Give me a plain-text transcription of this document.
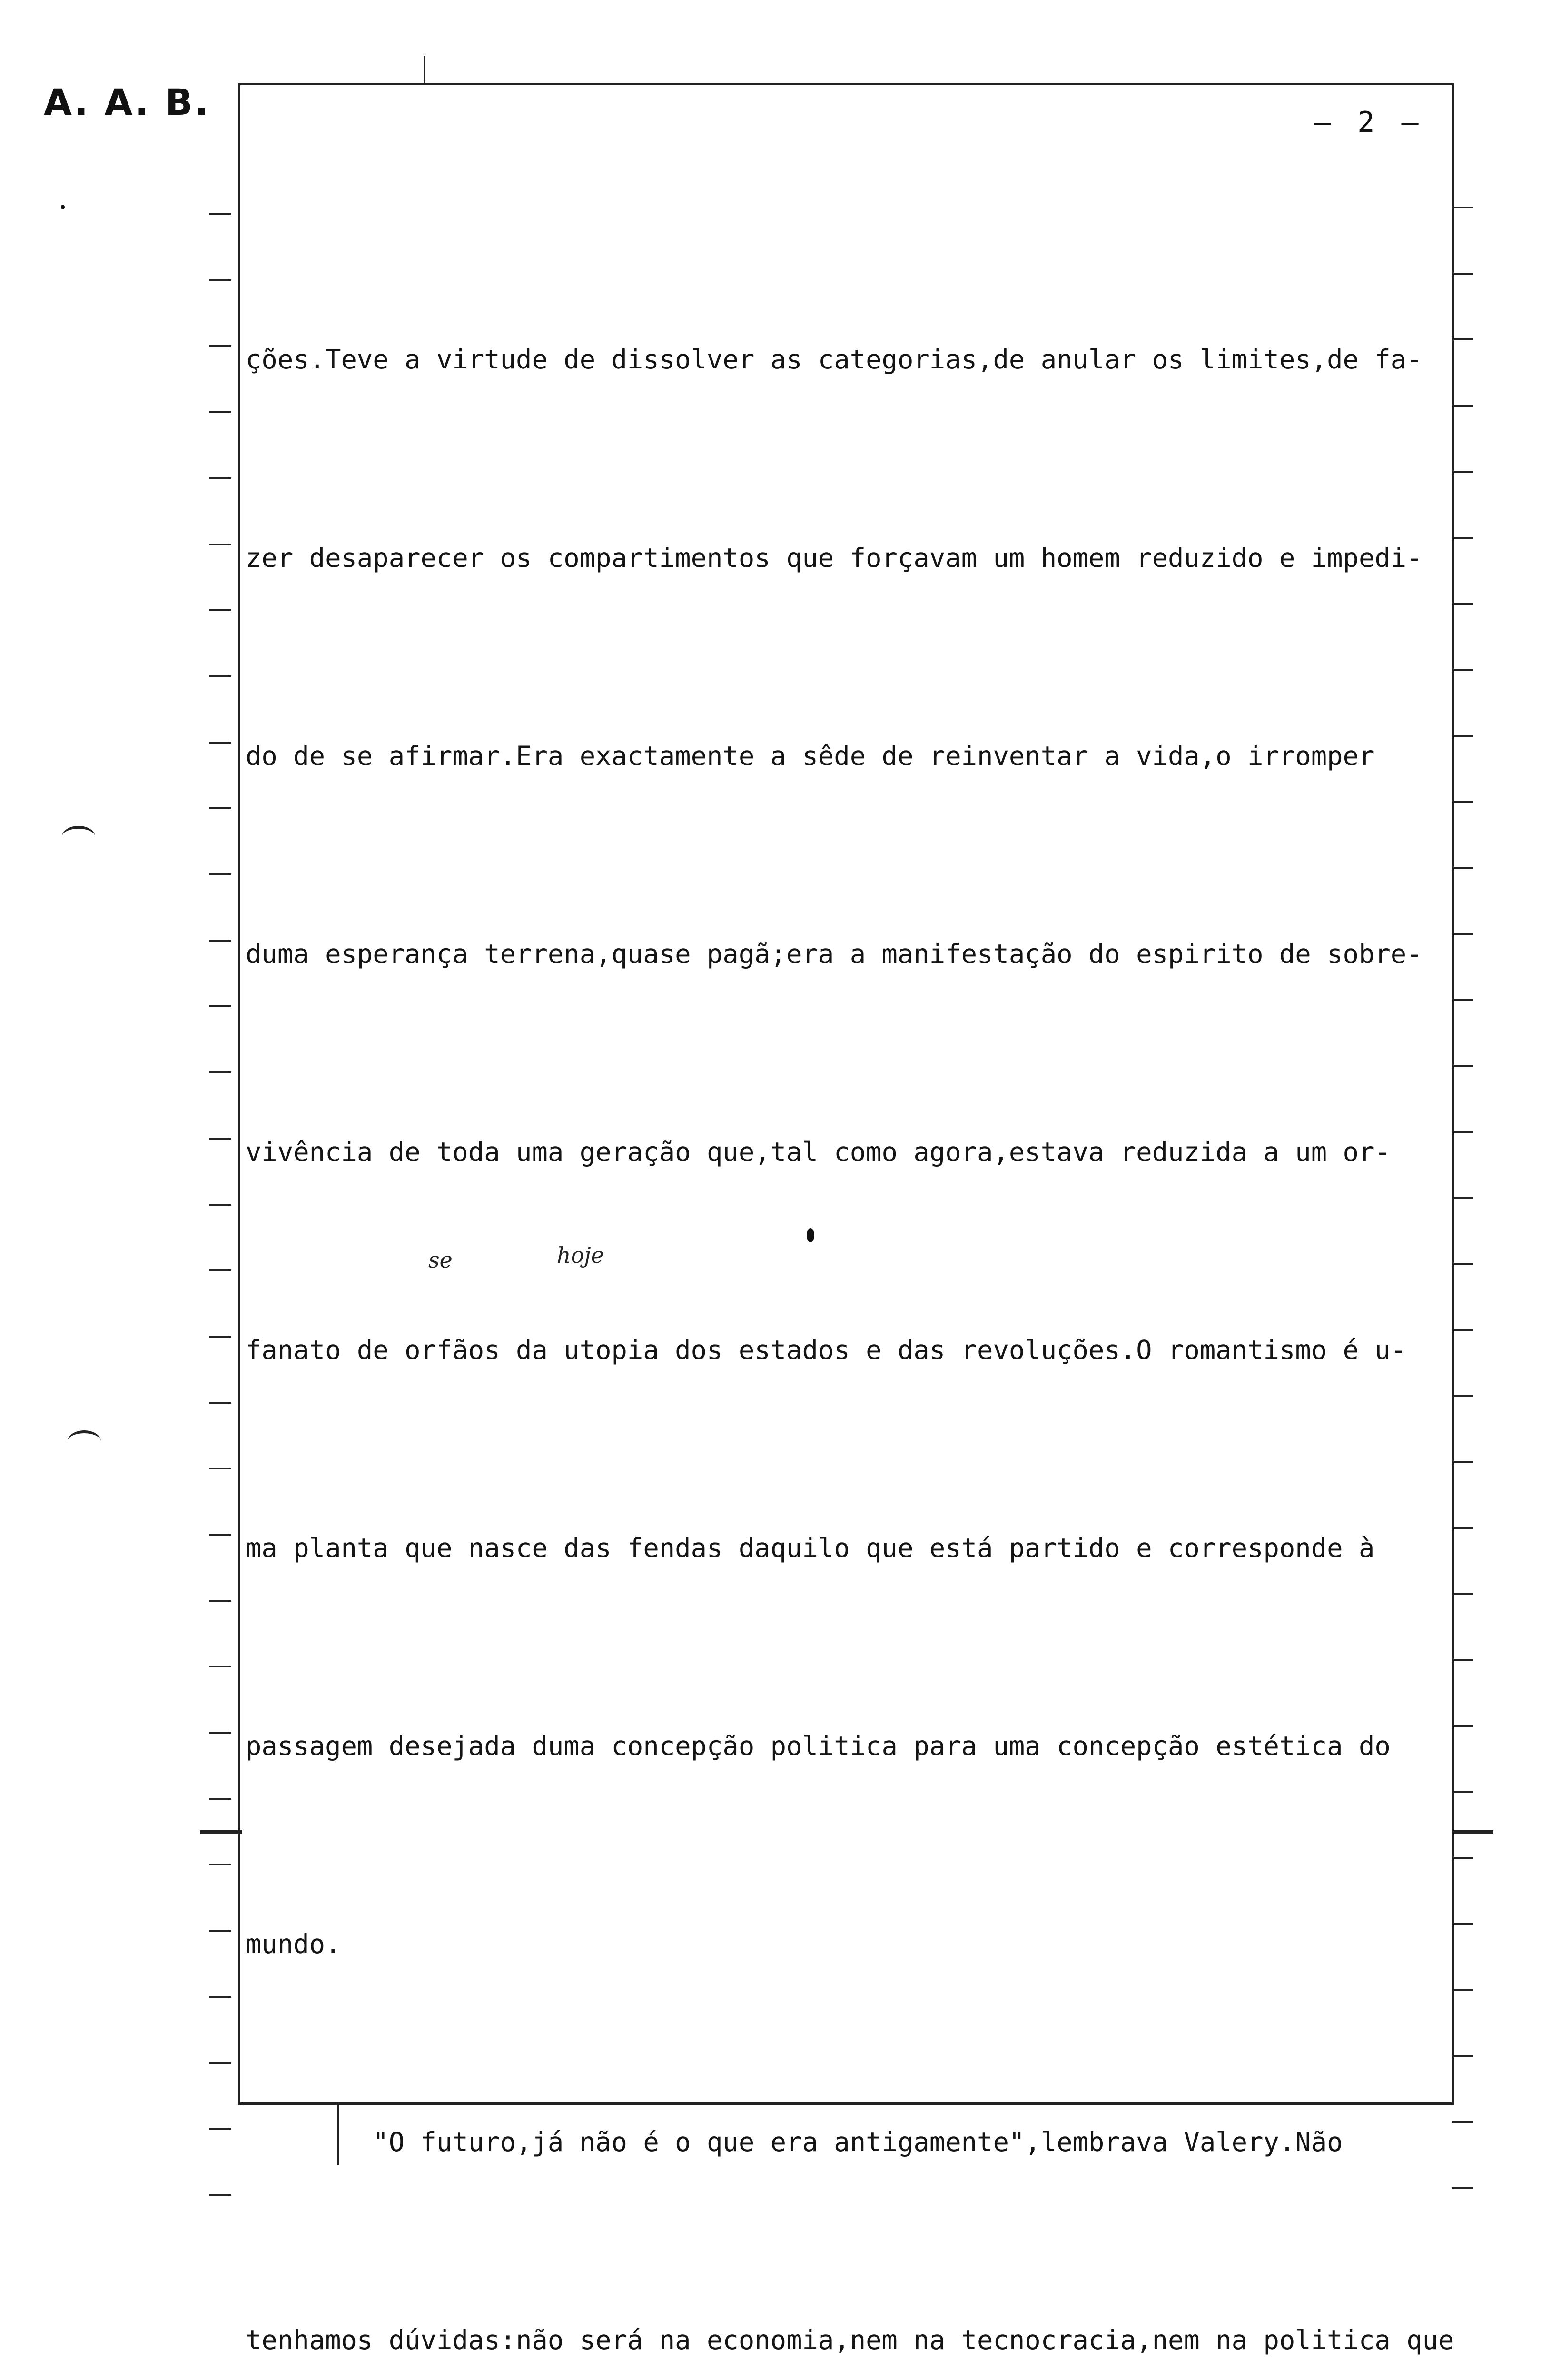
A. A. B.	— 2 —
se	hoje

ções.Teve a virtude de dissolver as categorias,de anular os limites,de fa-

zer desaparecer os compartimentos que forçavam um homem reduzido e impedi-

do de se afirmar.Era exactamente a sêde de reinventar a vida,o irromper

duma esperança terrena,quase pagã;era a manifestação do espirito de sobre-

vivência de toda uma geração que,tal como agora,estava reduzida a um or-

fanato de orfãos da utopia dos estados e das revoluções.O romantismo é u-

ma planta que nasce das fendas daquilo que está partido e corresponde à

passagem desejada duma concepção politica para uma concepção estética do

mundo.

"O futuro,já não é o que era antigamente",lembrava Valery.Não

tenhamos dúvidas:não será na economia,nem na tecnocracia,nem na politica que
